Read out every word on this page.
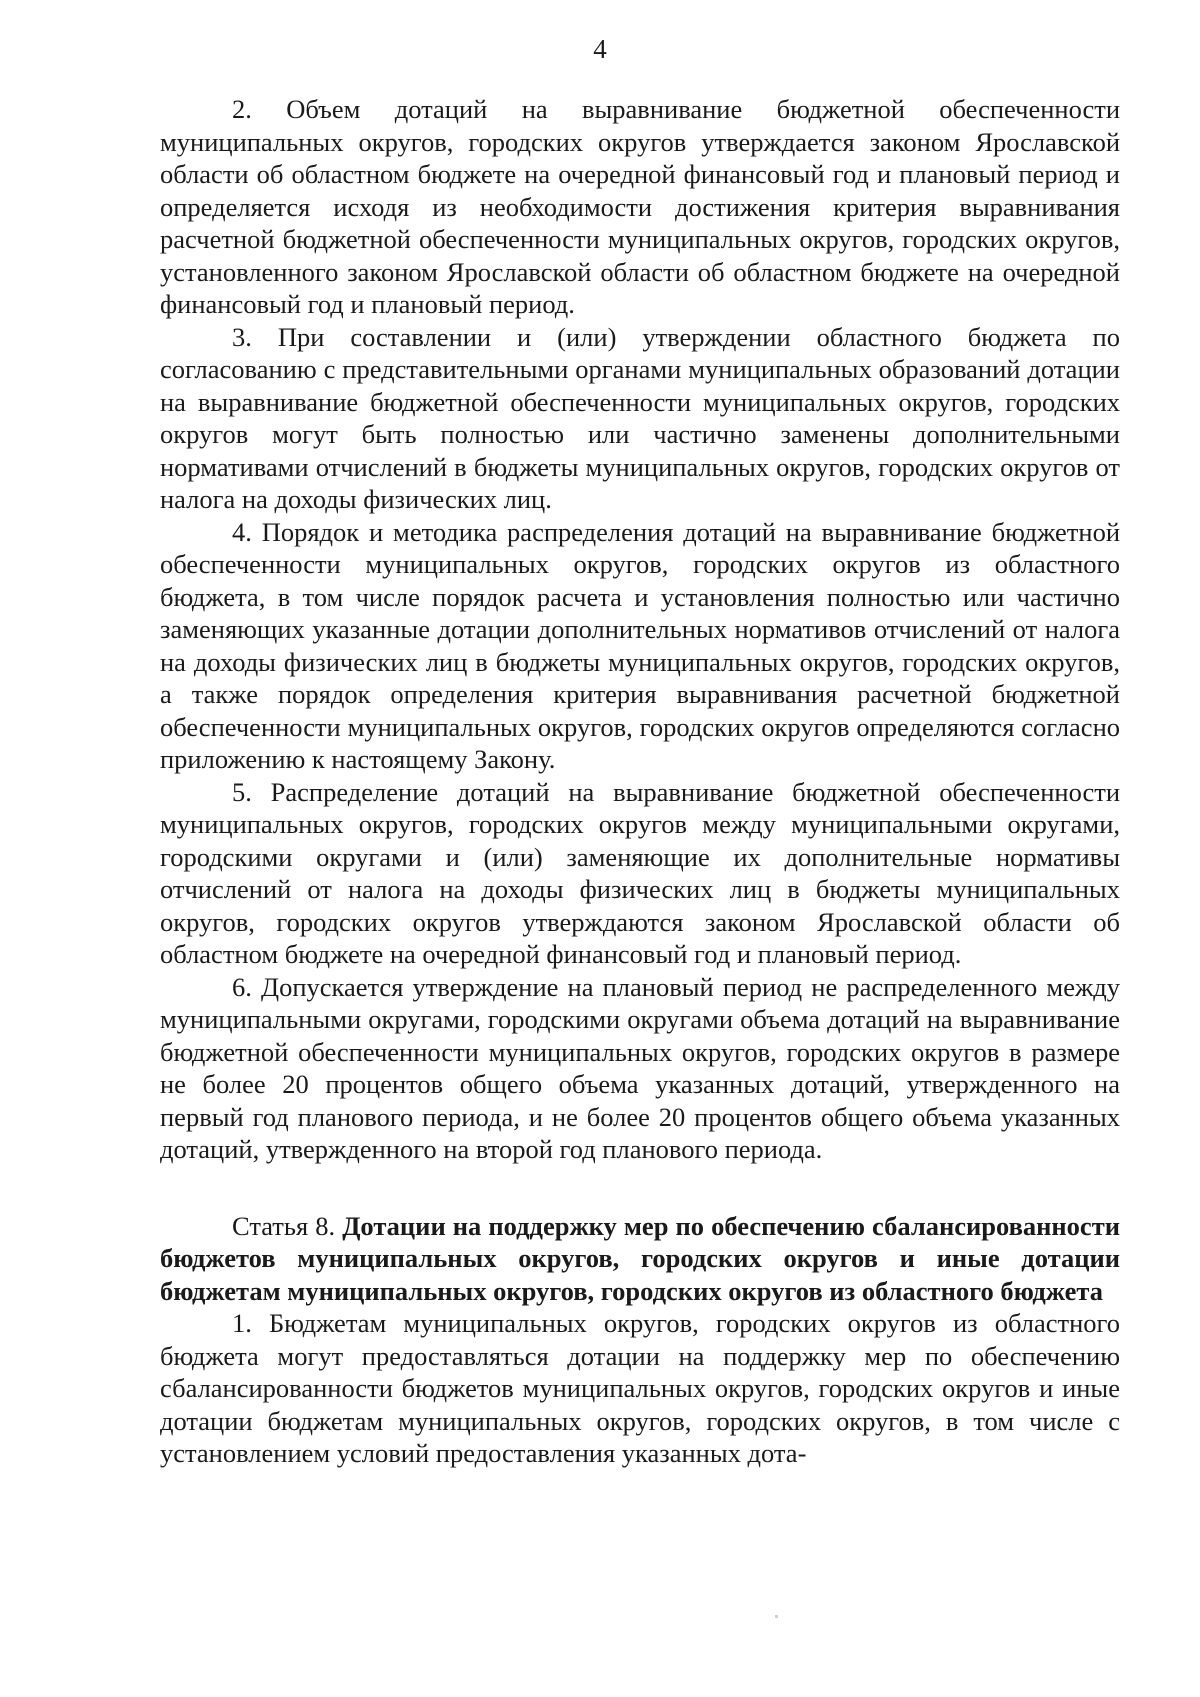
4

2. Объем дотаций на выравнивание бюджетной обеспеченности муниципальных округов, городских округов утверждается законом Ярославской области об областном бюджете на очередной финансовый год и плановый период и определяется исходя из необходимости достижения критерия выравнивания расчетной бюджетной обеспеченности муниципальных округов, городских округов, установленного законом Ярославской области об областном бюджете на очередной финансовый год и плановый период.

3. При составлении и (или) утверждении областного бюджета по согласованию с представительными органами муниципальных образований дотации на выравнивание бюджетной обеспеченности муниципальных округов, городских округов могут быть полностью или частично заменены дополнительными нормативами отчислений в бюджеты муниципальных округов, городских округов от налога на доходы физических лиц.

4. Порядок и методика распределения дотаций на выравнивание бюджетной обеспеченности муниципальных округов, городских округов из областного бюджета, в том числе порядок расчета и установления полностью или частично заменяющих указанные дотации дополнительных нормативов отчислений от налога на доходы физических лиц в бюджеты муниципальных округов, городских округов, а также порядок определения критерия выравнивания расчетной бюджетной обеспеченности муниципальных округов, городских округов определяются согласно приложению к настоящему Закону.

5. Распределение дотаций на выравнивание бюджетной обеспеченности муниципальных округов, городских округов между муниципальными округами, городскими округами и (или) заменяющие их дополнительные нормативы отчислений от налога на доходы физических лиц в бюджеты муниципальных округов, городских округов утверждаются законом Ярославской области об областном бюджете на очередной финансовый год и плановый период.

6. Допускается утверждение на плановый период не распределенного между муниципальными округами, городскими округами объема дотаций на выравнивание бюджетной обеспеченности муниципальных округов, городских округов в размере не более 20 процентов общего объема указанных дотаций, утвержденного на первый год планового периода, и не более 20 процентов общего объема указанных дотаций, утвержденного на второй год планового периода.

Статья 8. Дотации на поддержку мер по обеспечению сбалансированности бюджетов муниципальных округов, городских округов и иные дотации бюджетам муниципальных округов, городских округов из областного бюджета

1. Бюджетам муниципальных округов, городских округов из областного бюджета могут предоставляться дотации на поддержку мер по обеспечению сбалансированности бюджетов муниципальных округов, городских округов и иные дотации бюджетам муниципальных округов, городских округов, в том числе с установлением условий предоставления указанных дота-
